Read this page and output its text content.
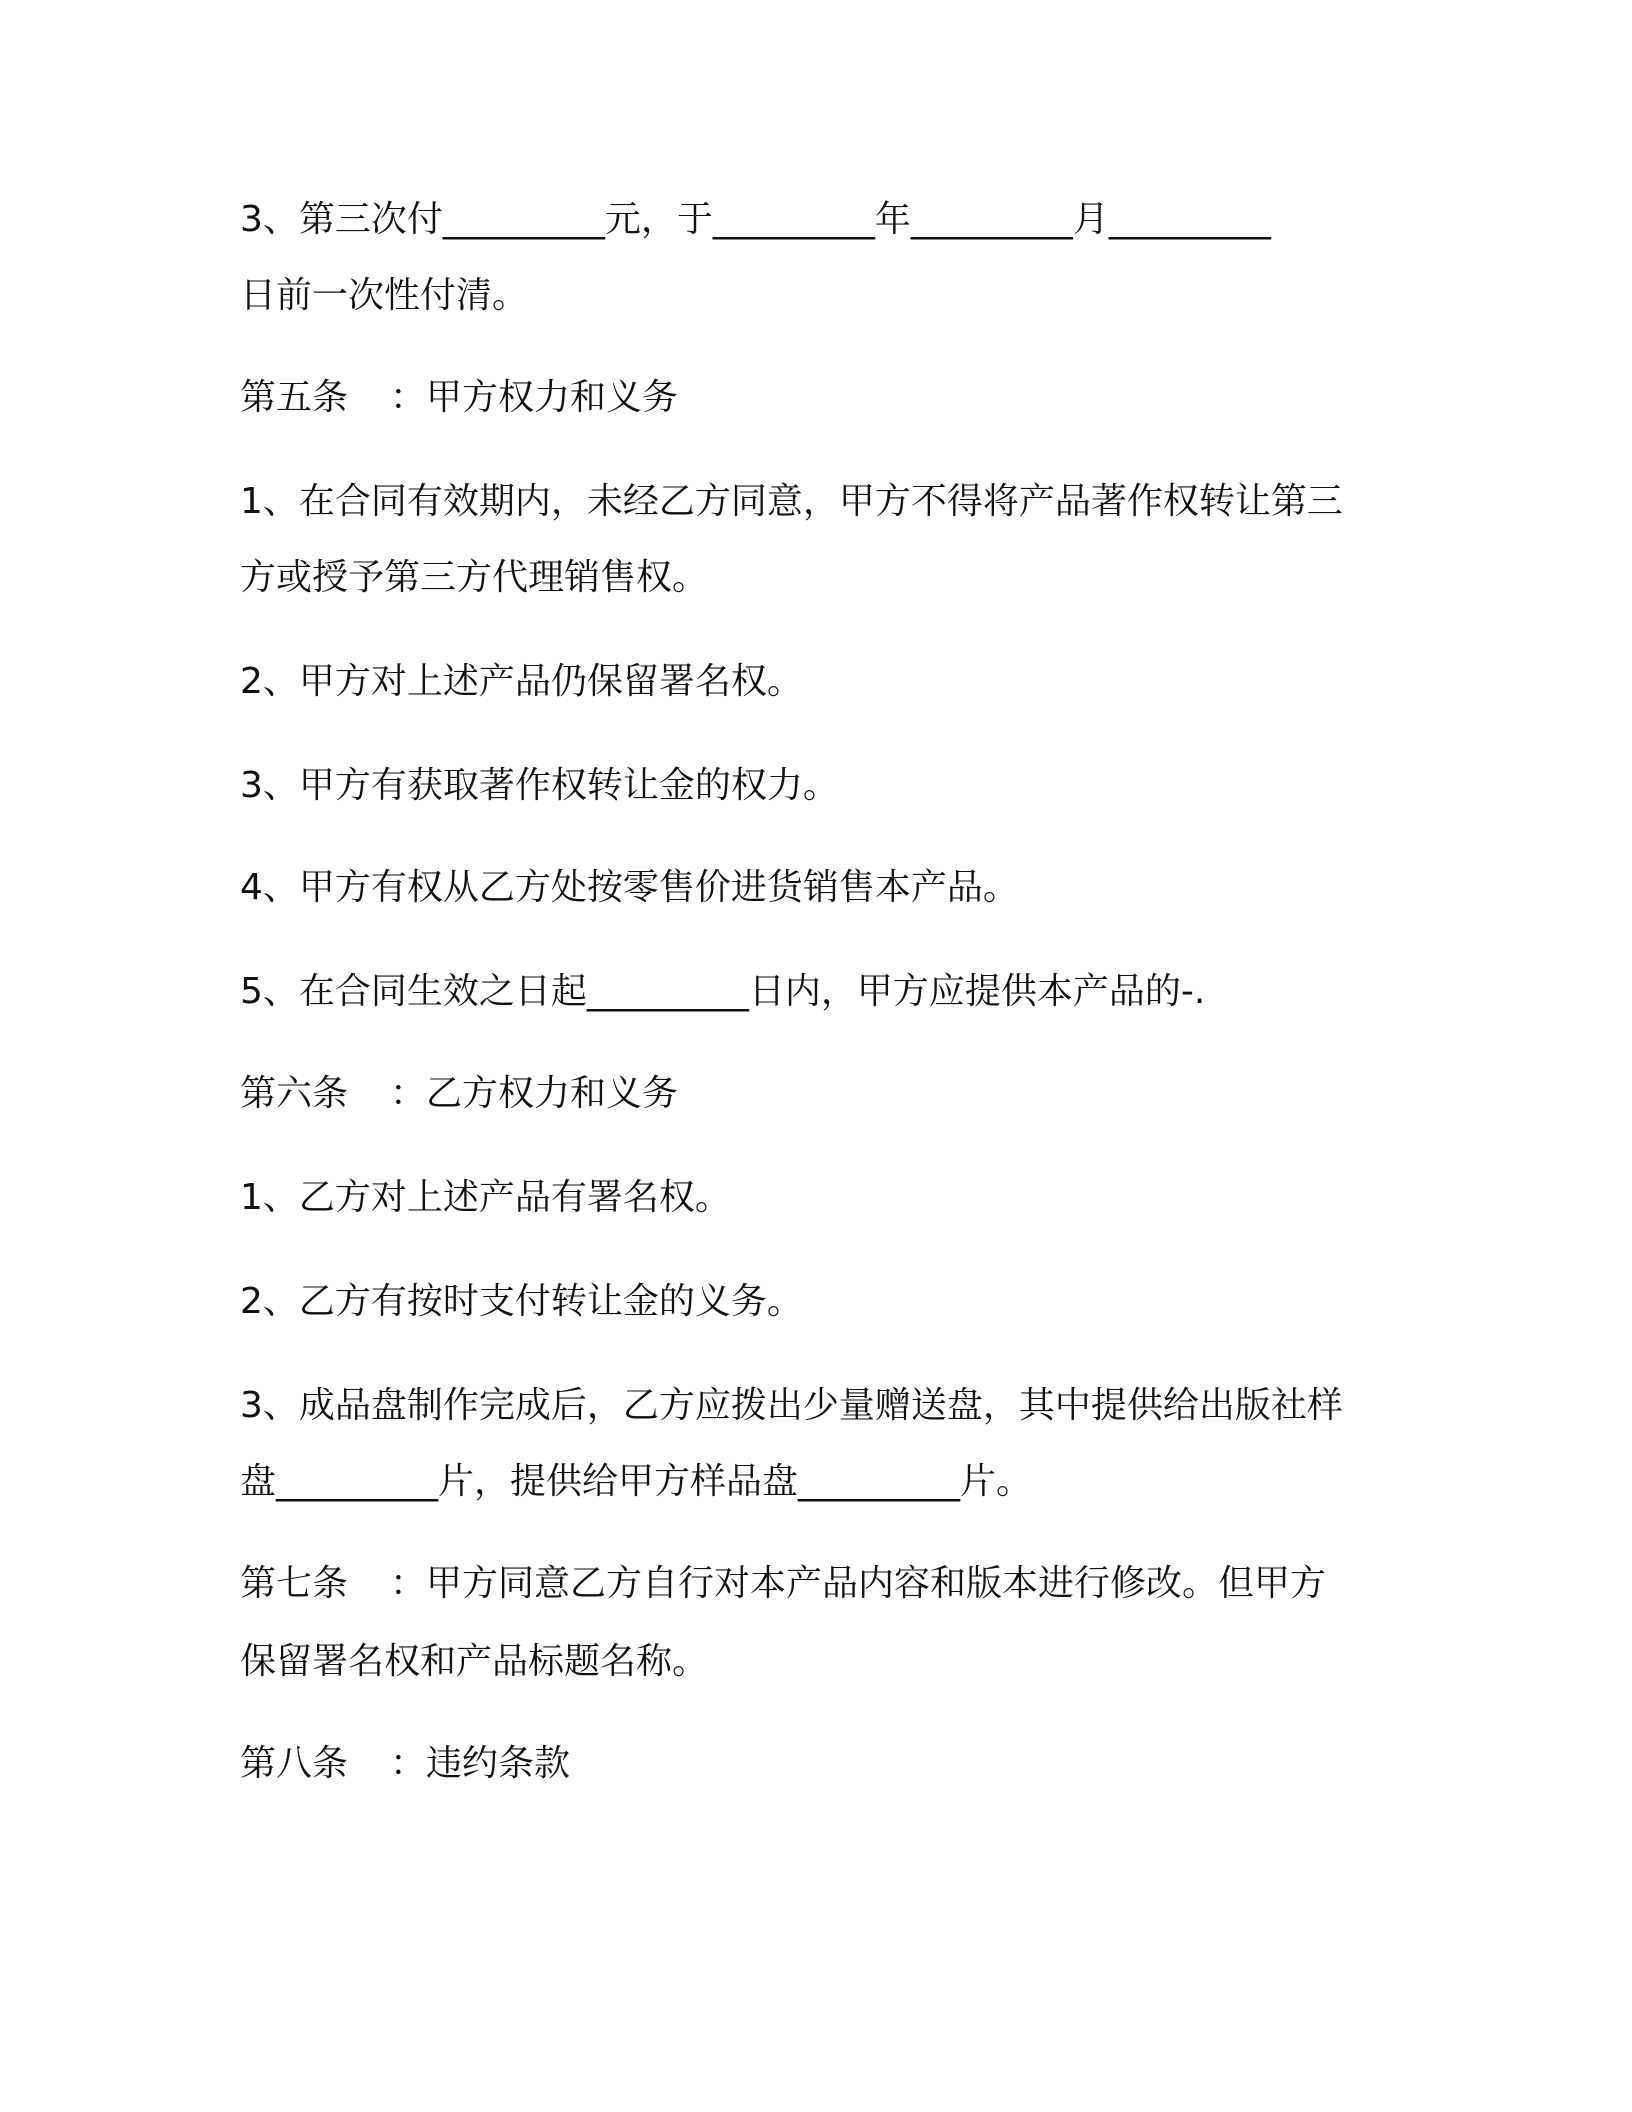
3、第三次付_________元，于_________年_________月_________
日前一次性付清。
第五条 ：甲方权力和义务
1、在合同有效期内，未经乙方同意，甲方不得将产品著作权转让第三
方或授予第三方代理销售权。
2、甲方对上述产品仍保留署名权。
3、甲方有获取著作权转让金的权力。
4、甲方有权从乙方处按零售价进货销售本产品。
5、在合同生效之日起_________日内，甲方应提供本产品的-.
第六条 ：乙方权力和义务
1、乙方对上述产品有署名权。
2、乙方有按时支付转让金的义务。
3、成品盘制作完成后，乙方应拨出少量赠送盘，其中提供给出版社样
盘_________片，提供给甲方样品盘_________片。
第七条 ：甲方同意乙方自行对本产品内容和版本进行修改。但甲方
保留署名权和产品标题名称。
第八条 ：违约条款
